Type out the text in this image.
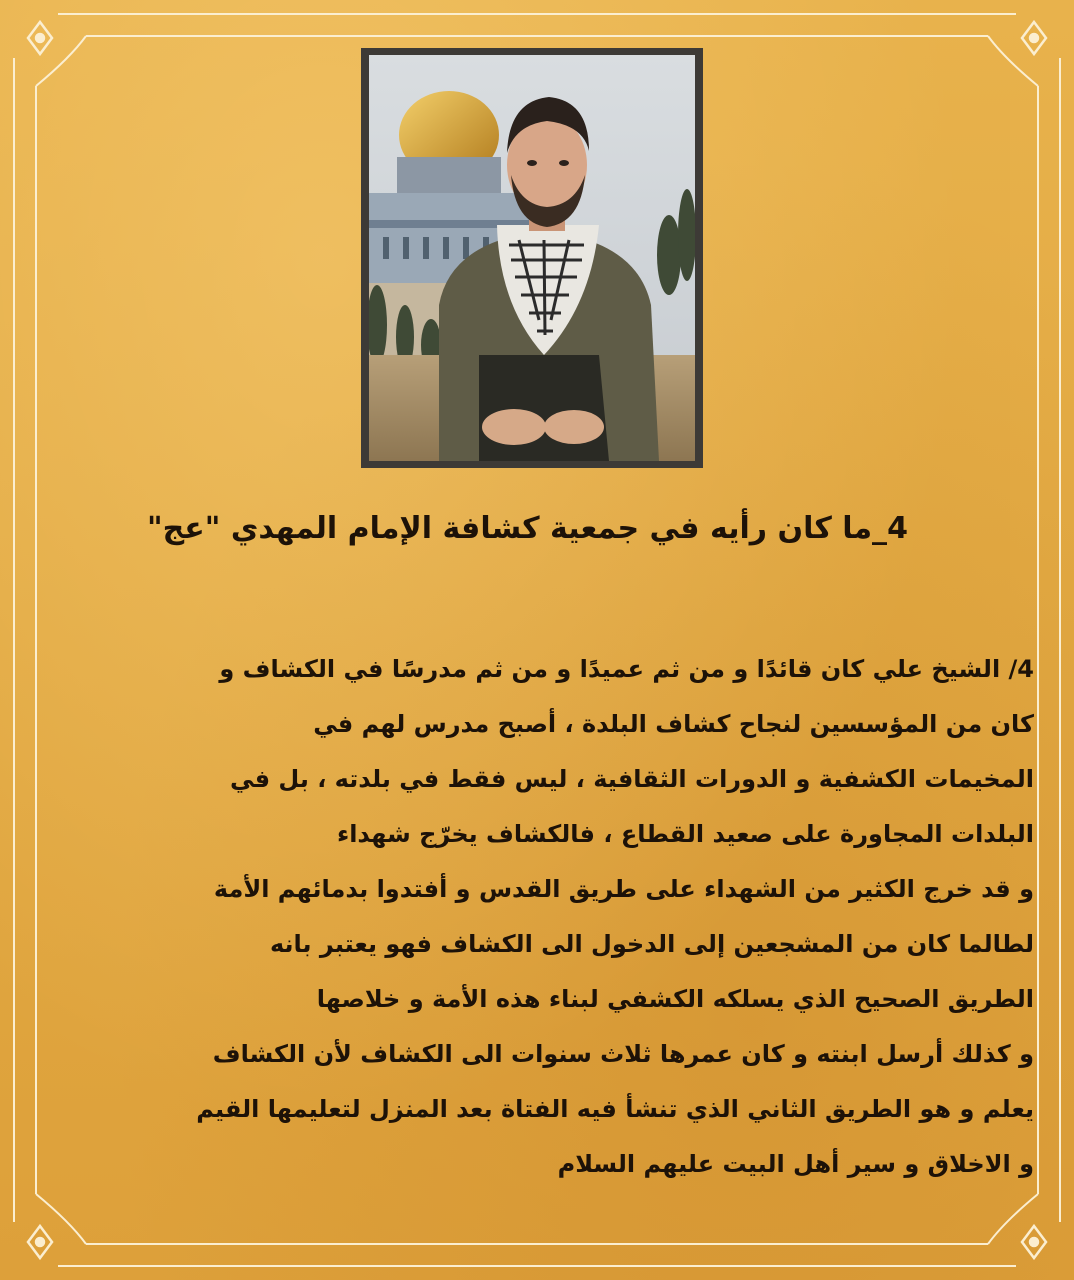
4_ما كان رأيه في جمعية كشافة الإمام المهدي "عج"
4/ الشيخ علي كان قائدًا و من ثم عميدًا و من ثم مدرسًا في الكشاف و
كان من المؤسسين لنجاح كشاف البلدة ، أصبح مدرس لهم في
المخيمات الكشفية و الدورات الثقافية ، ليس فقط في بلدته ، بل في
البلدات المجاورة على صعيد القطاع ، فالكشاف يخرّج شهداء
و قد خرج الكثير من الشهداء على طريق القدس و أفتدوا بدمائهم الأمة
لطالما كان من المشجعين إلى الدخول الى الكشاف فهو يعتبر بانه
الطريق الصحيح الذي يسلكه الكشفي لبناء هذه الأمة و خلاصها
و كذلك أرسل ابنته و كان عمرها ثلاث سنوات الى الكشاف لأن الكشاف
يعلم و هو الطريق الثاني الذي تنشأ فيه الفتاة بعد المنزل لتعليمها القيم
و الاخلاق و سير أهل البيت عليهم السلام
